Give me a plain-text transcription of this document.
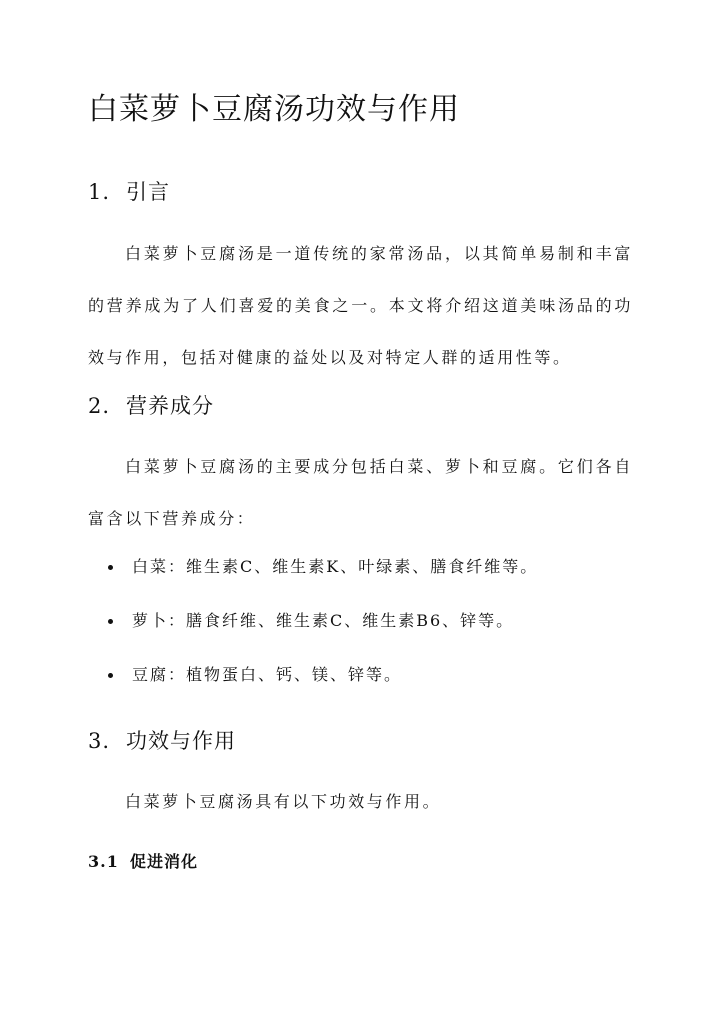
白菜萝卜豆腐汤功效与作用
1. 引言

白菜萝卜豆腐汤是一道传统的家常汤品，以其简单易制和丰富的营养成为了人们喜爱的美食之一。本文将介绍这道美味汤品的功效与作用，包括对健康的益处以及对特定人群的适用性等。

2. 营养成分

白菜萝卜豆腐汤的主要成分包括白菜、萝卜和豆腐。它们各自富含以下营养成分：

白菜：维生素C、维生素K、叶绿素、膳食纤维等。
萝卜：膳食纤维、维生素C、维生素B6、锌等。
豆腐：植物蛋白、钙、镁、锌等。
3. 功效与作用

白菜萝卜豆腐汤具有以下功效与作用。

3.1 促进消化
